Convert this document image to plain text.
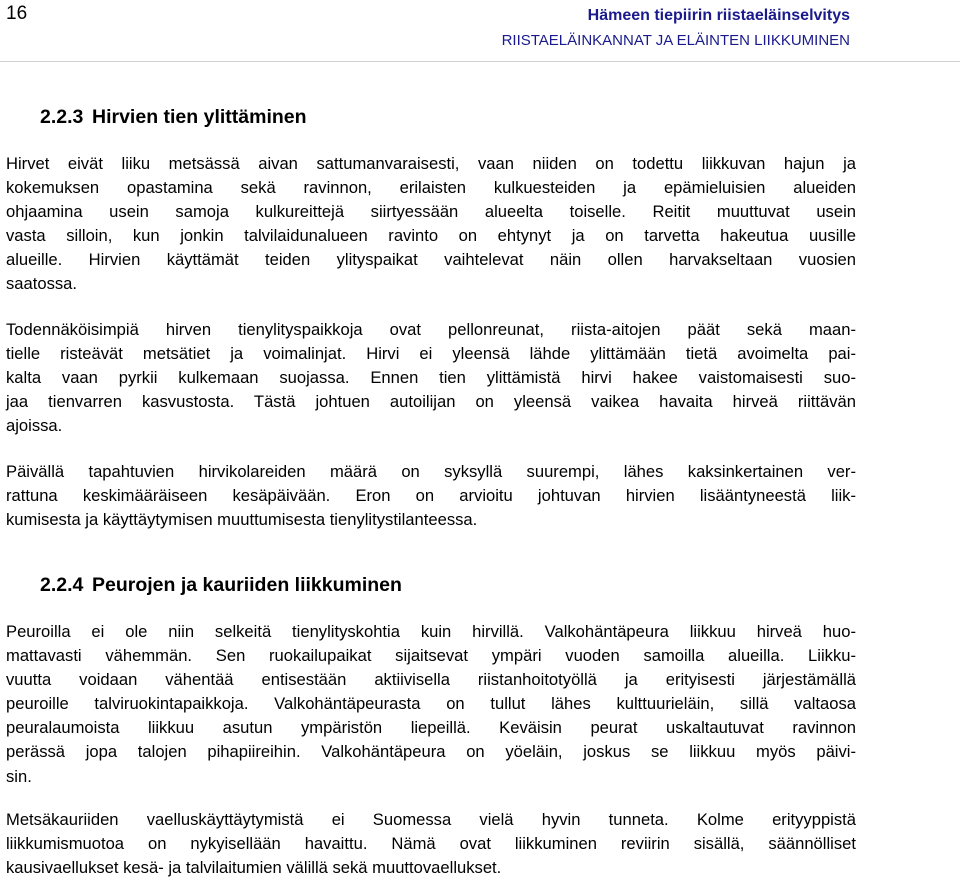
16	Hämeen tiepiirin riistaeläinselvitys
RIISTAELÄINKANNAT JA ELÄINTEN LIIKKUMINEN
2.2.3 Hirvien tien ylittäminen

Hirvet eivät liiku metsässä aivan sattumanvaraisesti, vaan niiden on todettu liikkuvan hajun ja
kokemuksen opastamina sekä ravinnon, erilaisten kulkuesteiden ja epämieluisien alueiden
ohjaamina usein samoja kulkureittejä siirtyessään alueelta toiselle. Reitit muuttuvat usein
vasta silloin, kun jonkin talvilaidunalueen ravinto on ehtynyt ja on tarvetta hakeutua uusille
alueille. Hirvien käyttämät teiden ylityspaikat vaihtelevat näin ollen harvakseltaan vuosien
saatossa.

Todennäköisimpiä hirven tienylityspaikkoja ovat pellonreunat, riista-aitojen päät sekä maan-
tielle risteävät metsätiet ja voimalinjat. Hirvi ei yleensä lähde ylittämään tietä avoimelta pai-
kalta vaan pyrkii kulkemaan suojassa. Ennen tien ylittämistä hirvi hakee vaistomaisesti suo-
jaa tienvarren kasvustosta. Tästä johtuen autoilijan on yleensä vaikea havaita hirveä riittävän
ajoissa.

Päivällä tapahtuvien hirvikolareiden määrä on syksyllä suurempi, lähes kaksinkertainen ver-
rattuna keskimääräiseen kesäpäivään. Eron on arvioitu johtuvan hirvien lisääntyneestä liik-
kumisesta ja käyttäytymisen muuttumisesta tienylitystilanteessa.

2.2.4 Peurojen ja kauriiden liikkuminen

Peuroilla ei ole niin selkeitä tienylityskohtia kuin hirvillä. Valkohäntäpeura liikkuu hirveä huo-
mattavasti vähemmän. Sen ruokailupaikat sijaitsevat ympäri vuoden samoilla alueilla. Liikku-
vuutta voidaan vähentää entisestään aktiivisella riistanhoitotyöllä ja erityisesti järjestämällä
peuroille talviruokintapaikkoja. Valkohäntäpeurasta on tullut lähes kulttuurieläin, sillä valtaosa
peuralaumoista liikkuu asutun ympäristön liepeillä. Keväisin peurat uskaltautuvat ravinnon
perässä jopa talojen pihapiireihin. Valkohäntäpeura on yöeläin, joskus se liikkuu myös päivi-
sin.

Metsäkauriiden vaelluskäyttäytymistä ei Suomessa vielä hyvin tunneta. Kolme erityyppistä
liikkumismuotoa on nykyisellään havaittu. Nämä ovat liikkuminen reviirin sisällä, säännölliset
kausivaellukset kesä- ja talvilaitumien välillä sekä muuttovaellukset.
